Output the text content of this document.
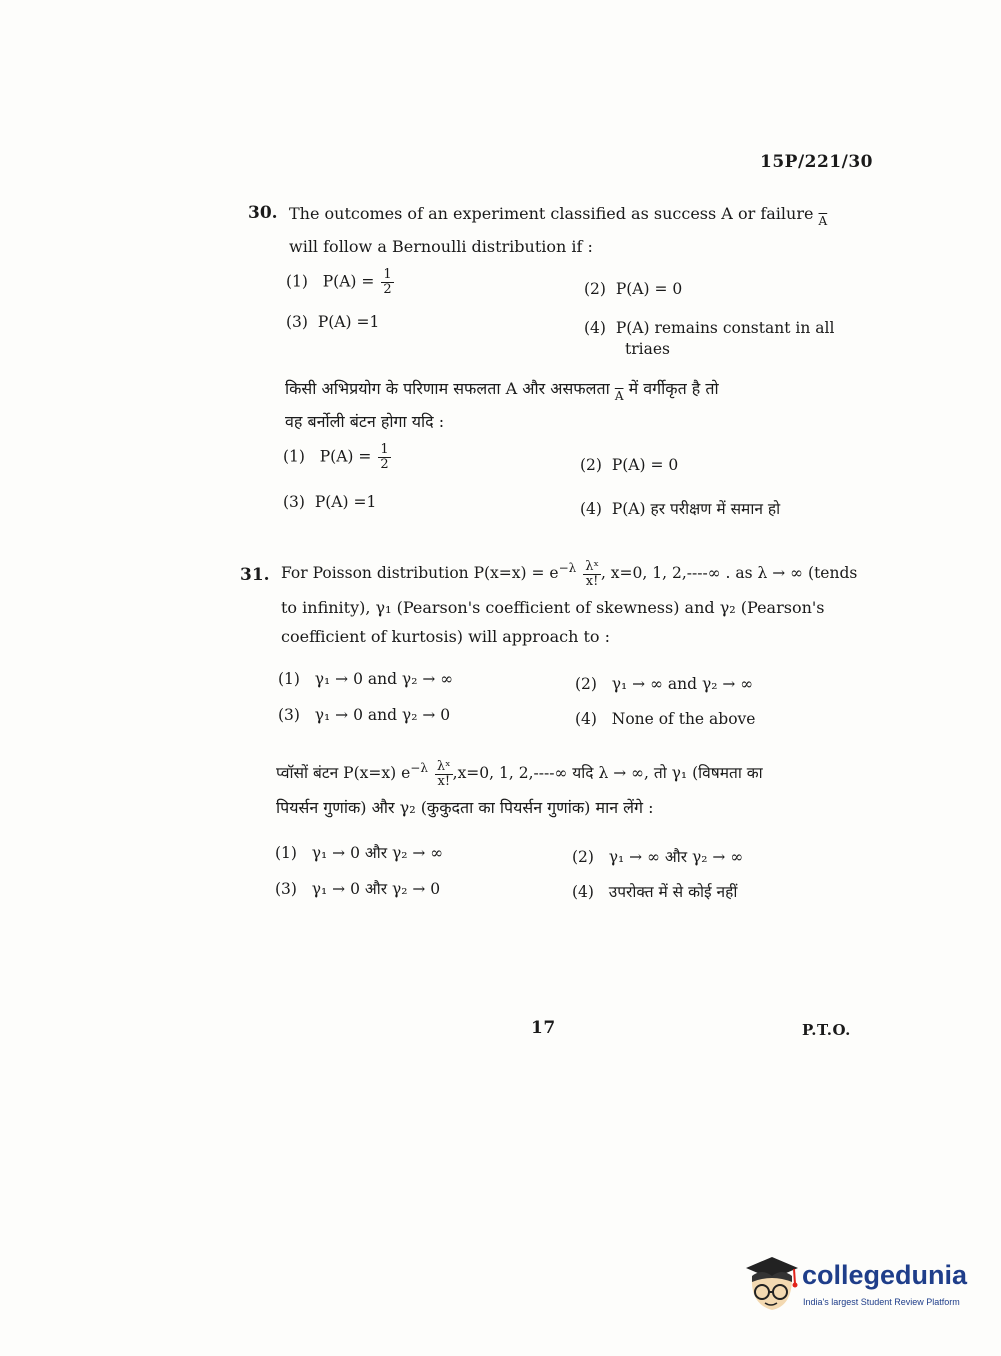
15P/221/30
30. The outcomes of an experiment classified as success A or failure $_{\overline{A}}$
will follow a Bernoulli distribution if :
(1) $P(A) = \frac{1}{2}$	(2) P(A) = 0
(3) P(A) =1	(4) P(A) remains constant in all
triaes
किसी अभिप्रयोग के परिणाम सफलता A और असफलता $_{\overline{A}}$ में वर्गीकृत है तो
वह बर्नोली बंटन होगा यदि :
(1) $P(A) = \frac{1}{2}$	(2) P(A) = 0
(3) P(A) =1	(4) P(A) हर परीक्षण में समान हो
31. For Poisson distribution $P(x=x) = e^{-\lambda} \frac{\text{λˣ}}{x!}$ , x=0, 1, 2,----∞ . as λ → ∞ (tends
to infinity), γ₁ (Pearson's coefficient of skewness) and γ₂ (Pearson's
coefficient of kurtosis) will approach to :
(1) γ₁ → 0 and γ₂ → ∞	(2) γ₁ → ∞ and γ₂ → ∞
(3) γ₁ → 0 and γ₂ → 0	(4) None of the above
प्वॉसों बंटन P(x=x) $e^{-\lambda} \frac{\text{λˣ}}{x!} ,x=0$, 1, 2,----∞ यदि λ → ∞, तो γ₁ (विषमता का
पियर्सन गुणांक) और γ₂ (कुकुदता का पियर्सन गुणांक) मान लेंगे :
(1) γ₁ → 0 और γ₂ → ∞	(2) γ₁ → ∞ और γ₂ → ∞
(3) γ₁ → 0 और γ₂ → 0	(4) उपरोक्त में से कोई नहीं
17	P.T.O.
collegedunia
India's largest Student Review Platform
